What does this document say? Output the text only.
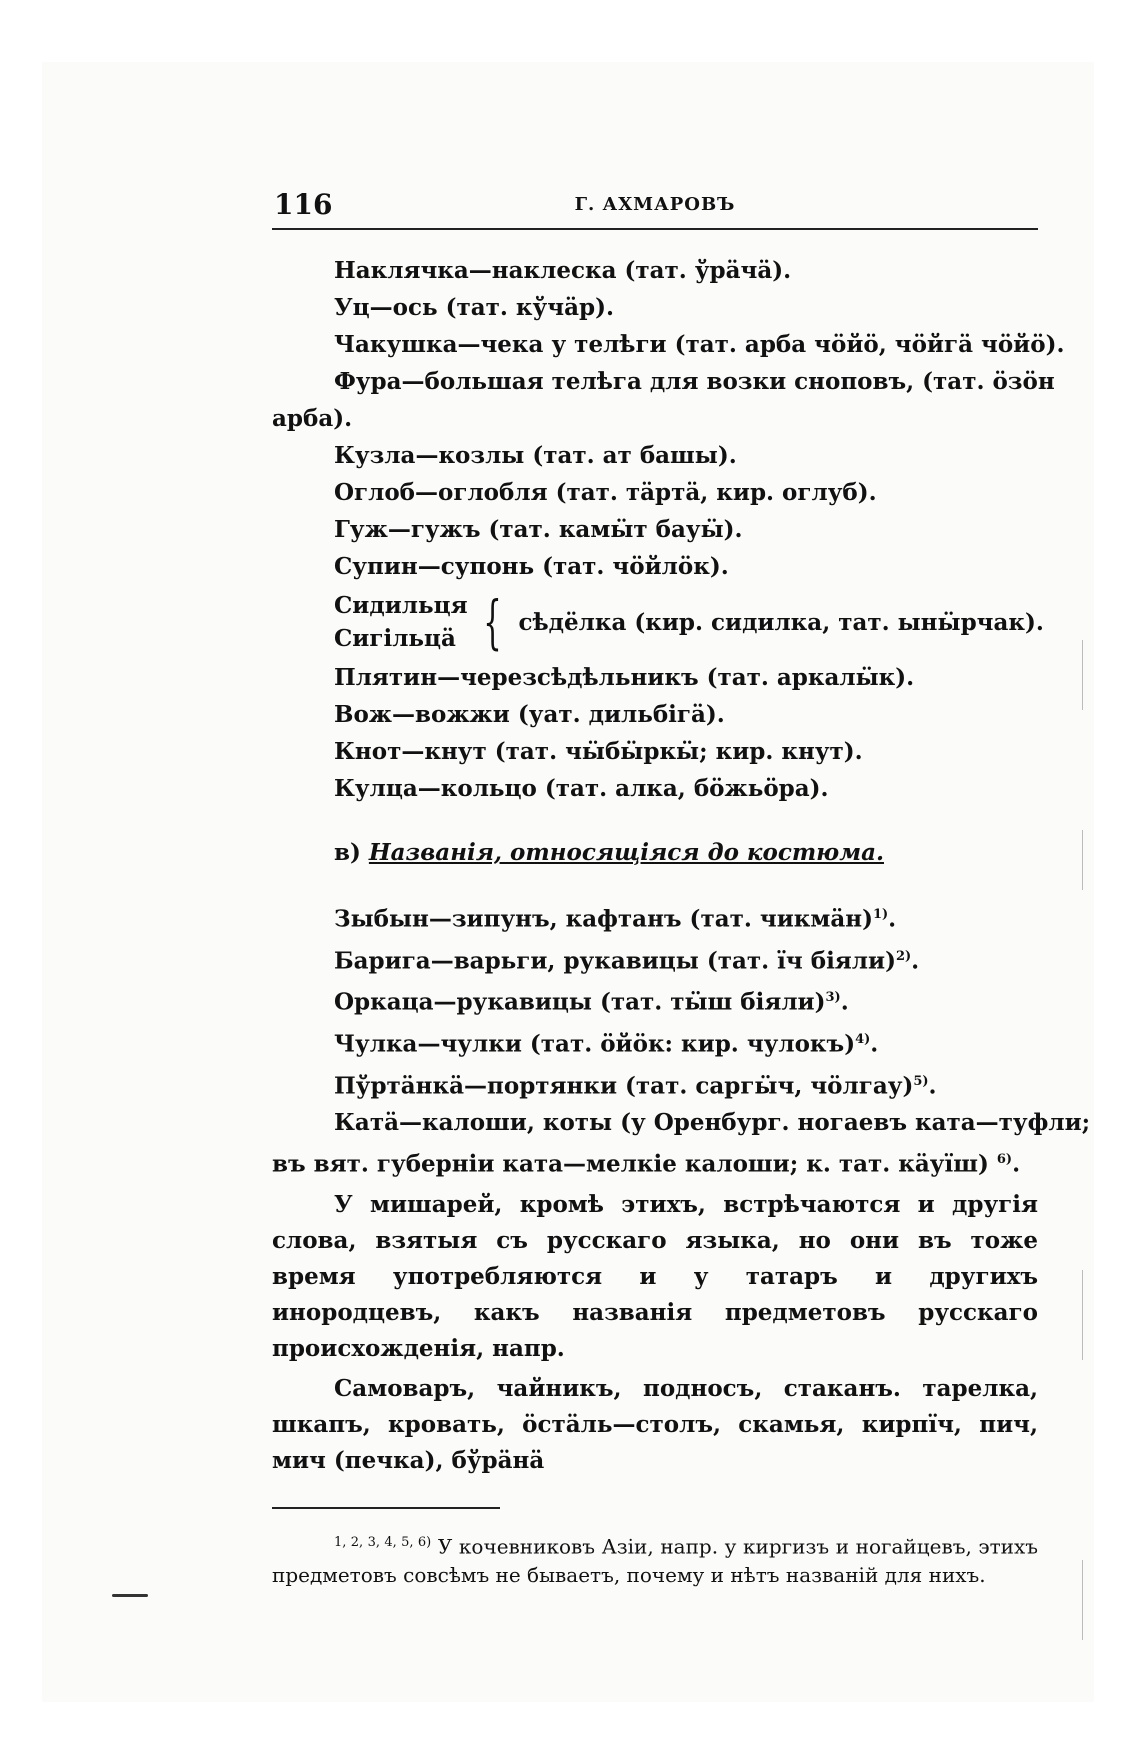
116	Г. АХМАРОВЪ
Наклячка—наклеска (тат. ўрӓчӓ).
Уц—ось (тат. кўчӓр).
Чакушка—чека у телѣги (тат. арба чӧйӧ, чӧйгӓ чӧйӧ).
Фура—большая телѣга для возки сноповъ, (тат. ӧзӧн
арба).
Кузла—козлы (тат. ат башы).
Оглоб—оглобля (тат. тӓртӓ, кир. оглуб).
Гуж—гужъ (тат. камӹт бауӹ).
Супин—супонь (тат. чӧйлӧк).
Сидильця
Сигільцӓ { сѣдёлка (кир. сидилка, тат. ынӹрчак).
Плятин—черезсѣдѣльникъ (тат. аркалӹк).
Вож—вожжи (уат. дильбігӓ).
Кнот—кнут (тат. чӹбӹркӹ; кир. кнут).
Кулца—кольцо (тат. алка, бӧжьӧра).
в) Названія, относящіяся до костюма.
Зыбын—зипунъ, кафтанъ (тат. чикмӓн)$^{1)}$.
Барига—варьги, рукавицы (тат. їч біяли)$^{2)}$.
Оркаца—рукавицы (тат. тӹш біяли)$^{3)}$.
Чулка—чулки (тат. ӧйӧк: кир. чулокъ)$^{4)}$.
Пўртӓнкӓ—портянки (тат. саргӹч, чӧлгау)$^{5)}$.
Катӓ—калоши, коты (у Оренбург. ногаевъ ката—туфли;
въ вят. губерніи ката—мелкіе калоши; к. тат. кӓуїш) $^{6)}$.

У мишарей, кромѣ этихъ, встрѣчаются и другія слова, взятыя съ русскаго языка, но они въ тоже время употребляются и у татаръ и другихъ инородцевъ, какъ названія предметовъ русскаго происхожденія, напр.

Самоваръ, чайникъ, подносъ, стаканъ. тарелка, шкапъ, кровать, ӧстӓль—столъ, скамья, кирпїч, пич, мич (печка), бўрӓнӓ

$^{1, 2, 3, 4, 5, 6)}$ У кочевниковъ Азіи, напр. у киргизъ и ногайцевъ, этихъ предметовъ совсѣмъ не бываетъ, почему и нѣтъ названій для нихъ.
